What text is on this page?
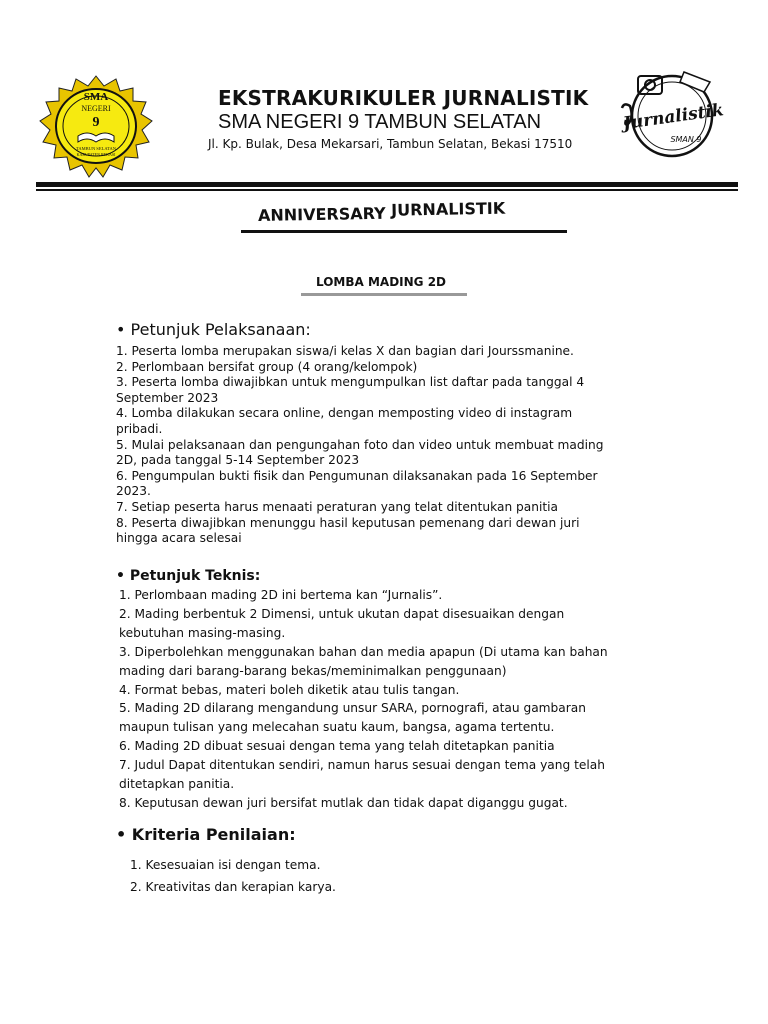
SMA
NEGERI
9
TAMBUN SELATAN
KABUPATEN BEKASI
Jurnalistik
SMAN 9
EKSTRAKURIKULER JURNALISTIK
SMA NEGERI 9 TAMBUN SELATAN
Jl. Kp. Bulak, Desa Mekarsari, Tambun Selatan, Bekasi 17510
ANNIVERSARY JURNALISTIK
LOMBA MADING 2D
• Petunjuk Pelaksanaan:
1. Peserta lomba merupakan siswa/i kelas X dan bagian dari Jourssmanine.
2. Perlombaan bersifat group (4 orang/kelompok)
3. Peserta lomba diwajibkan untuk mengumpulkan list daftar pada tanggal 4 September 2023
4. Lomba dilakukan secara online, dengan memposting video di instagram pribadi.
5. Mulai pelaksanaan dan pengungahan foto dan video untuk membuat mading 2D, pada tanggal 5-14 September 2023
6. Pengumpulan bukti fisik dan Pengumunan dilaksanakan pada 16 September 2023.
7. Setiap peserta harus menaati peraturan yang telat ditentukan panitia
8. Peserta diwajibkan menunggu hasil keputusan pemenang dari dewan juri hingga acara selesai
• Petunjuk Teknis:
1. Perlombaan mading 2D ini bertema kan “Jurnalis”.
2. Mading berbentuk 2 Dimensi, untuk ukutan dapat disesuaikan dengan kebutuhan masing-masing.
3. Diperbolehkan menggunakan bahan dan media apapun (Di utama kan bahan mading dari barang-barang bekas/meminimalkan penggunaan)
4. Format bebas, materi boleh diketik atau tulis tangan.
5. Mading 2D dilarang mengandung unsur SARA, pornografi, atau gambaran maupun tulisan yang melecahan suatu kaum, bangsa, agama tertentu.
6. Mading 2D dibuat sesuai dengan tema yang telah ditetapkan panitia
7. Judul Dapat ditentukan sendiri, namun harus sesuai dengan tema yang telah ditetapkan panitia.
8. Keputusan dewan juri bersifat mutlak dan tidak dapat diganggu gugat.
• Kriteria Penilaian:
1. Kesesuaian isi dengan tema.
2. Kreativitas dan kerapian karya.
